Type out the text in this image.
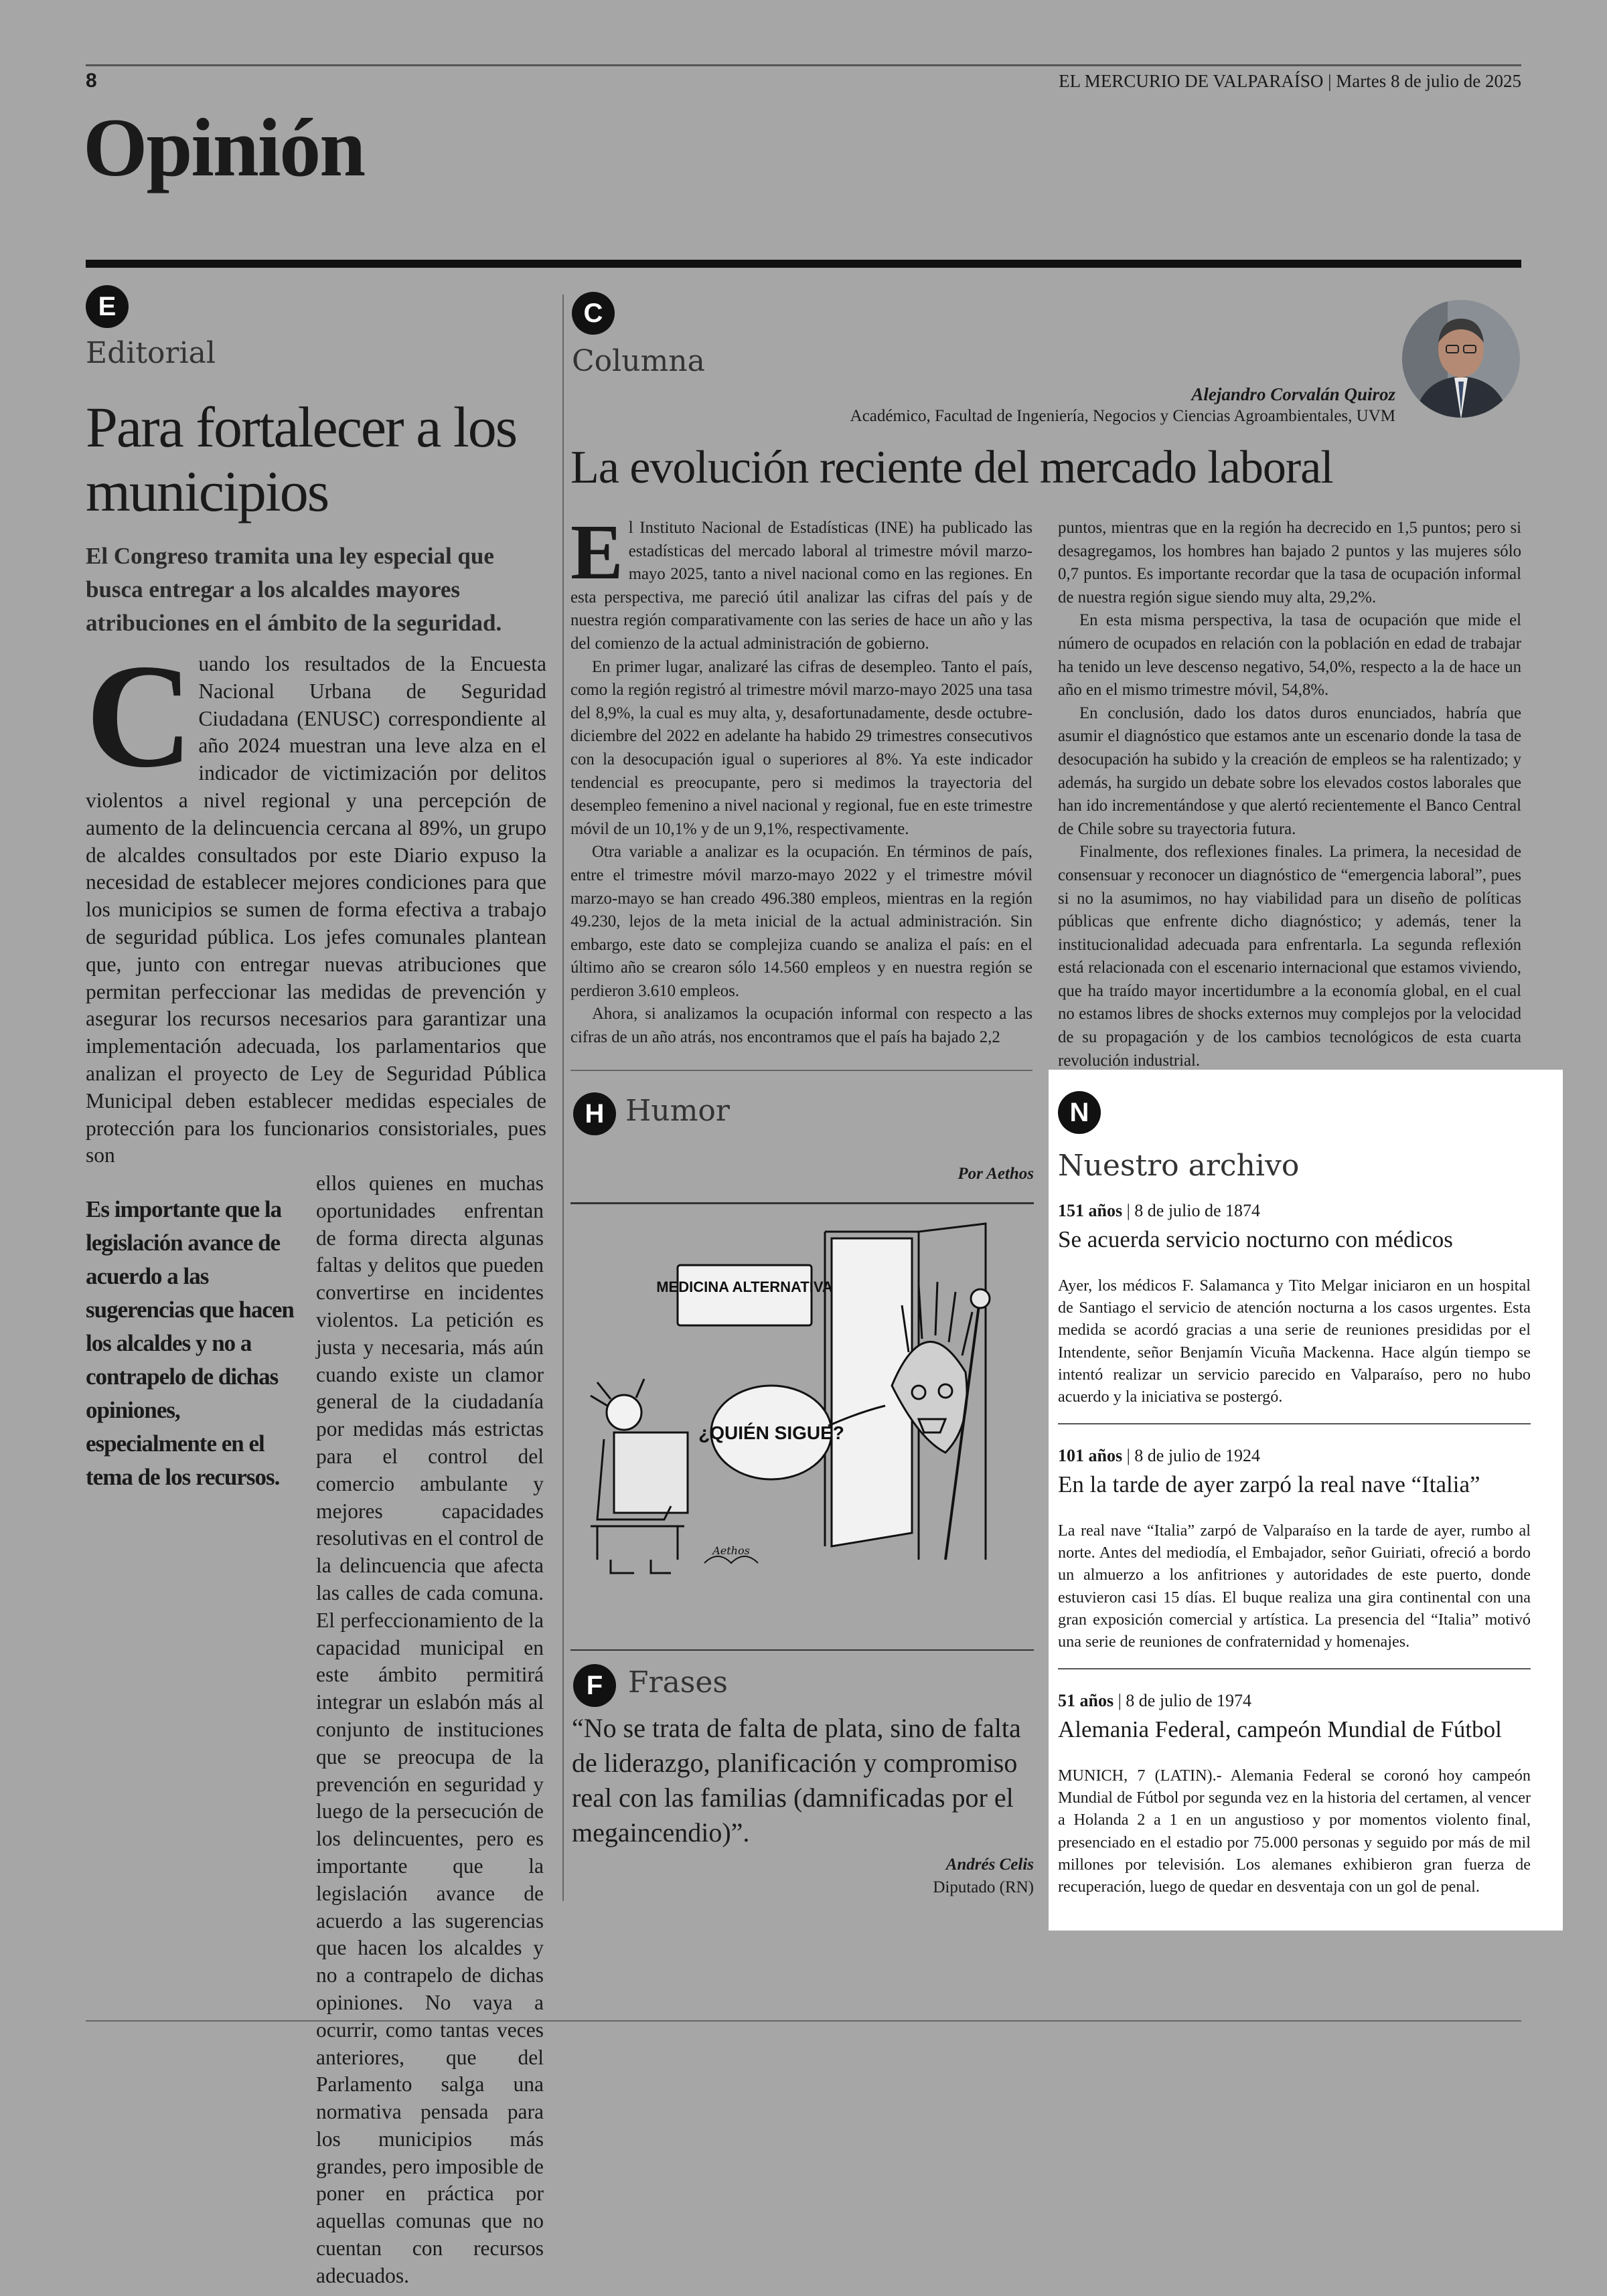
8	EL MERCURIO DE VALPARAÍSO | Martes 8 de julio de 2025
Opinión
E
Editorial
Para fortalecer a los municipios
El Congreso tramita una ley especial que busca entregar a los alcaldes mayores atribuciones en el ámbito de la seguridad.
Cuando los resultados de la Encuesta Nacional Urbana de Seguridad Ciudadana (ENUSC) correspondiente al año 2024 muestran una leve alza en el indicador de victimización por delitos violentos a nivel regional y una percepción de aumento de la delincuencia cercana al 89%, un grupo de alcaldes consultados por este Diario expuso la necesidad de establecer mejores condiciones para que los municipios se sumen de forma efectiva a trabajo de seguridad pública. Los jefes comunales plantean que, junto con entregar nuevas atribuciones que permitan perfeccionar las medidas de prevención y asegurar los recursos necesarios para garantizar una implementación adecuada, los parlamentarios que analizan el proyecto de Ley de Seguridad Pública Municipal deben establecer medidas especiales de protección para los funcionarios consistoriales, pues son
Es importante que la legislación avance de acuerdo a las sugerencias que hacen los alcaldes y no a contrapelo de dichas opiniones, especialmente en el tema de los recursos.
ellos quienes en muchas oportunidades enfrentan de forma directa algunas faltas y delitos que pueden convertirse en incidentes violentos. La petición es justa y necesaria, más aún cuando existe un clamor general de la ciudadanía por medidas más estrictas para el control del comercio ambulante y mejores capacidades resolutivas en el control de la delincuencia que afecta las calles de cada comuna. El perfeccionamiento de la capacidad municipal en este ámbito permitirá integrar un eslabón más al conjunto de instituciones que se preocupa de la prevención en seguridad y luego de la persecución de los delincuentes, pero es importante que la legislación avance de acuerdo a las sugerencias que hacen los alcaldes y no a contrapelo de dichas opiniones. No vaya a ocurrir, como tantas veces anteriores, que del Parlamento salga una normativa pensada para los municipios más grandes, pero imposible de poner en práctica por aquellas comunas que no cuentan con recursos adecuados.
C
Columna
Alejandro Corvalán Quiroz
Académico, Facultad de Ingeniería, Negocios y Ciencias Agroambientales, UVM
La evolución reciente del mercado laboral
E l Instituto Nacional de Estadísticas (INE) ha publicado las estadísticas del mercado laboral al trimestre móvil marzo-mayo 2025, tanto a nivel nacional como en las regiones. En esta perspectiva, me pareció útil analizar las cifras del país y de nuestra región comparativamente con las series de hace un año y las del comienzo de la actual administración de gobierno.

En primer lugar, analizaré las cifras de desempleo. Tanto el país, como la región registró al trimestre móvil marzo-mayo 2025 una tasa del 8,9%, la cual es muy alta, y, desafortunadamente, desde octubre-diciembre del 2022 en adelante ha habido 29 trimestres consecutivos con la desocupación igual o superiores al 8%. Ya este indicador tendencial es preocupante, pero si medimos la trayectoria del desempleo femenino a nivel nacional y regional, fue en este trimestre móvil de un 10,1% y de un 9,1%, respectivamente.

Otra variable a analizar es la ocupación. En términos de país, entre el trimestre móvil marzo-mayo 2022 y el trimestre móvil marzo-mayo se han creado 496.380 empleos, mientras en la región 49.230, lejos de la meta inicial de la actual administración. Sin embargo, este dato se complejiza cuando se analiza el país: en el último año se crearon sólo 14.560 empleos y en nuestra región se perdieron 3.610 empleos.

Ahora, si analizamos la ocupación informal con respecto a las cifras de un año atrás, nos encontramos que el país ha bajado 2,2

puntos, mientras que en la región ha decrecido en 1,5 puntos; pero si desagregamos, los hombres han bajado 2 puntos y las mujeres sólo 0,7 puntos. Es importante recordar que la tasa de ocupación informal de nuestra región sigue siendo muy alta, 29,2%.

En esta misma perspectiva, la tasa de ocupación que mide el número de ocupados en relación con la población en edad de trabajar ha tenido un leve descenso negativo, 54,0%, respecto a la de hace un año en el mismo trimestre móvil, 54,8%.

En conclusión, dado los datos duros enunciados, habría que asumir el diagnóstico que estamos ante un escenario donde la tasa de desocupación ha subido y la creación de empleos se ha ralentizado; y además, ha surgido un debate sobre los elevados costos laborales que han ido incrementándose y que alertó recientemente el Banco Central de Chile sobre su trayectoria futura.

Finalmente, dos reflexiones finales. La primera, la necesidad de consensuar y reconocer un diagnóstico de “emergencia laboral”, pues si no la asumimos, no hay viabilidad para un diseño de políticas públicas que enfrente dicho diagnóstico; y además, tener la institucionalidad adecuada para enfrentarla. La segunda reflexión está relacionada con el escenario internacional que estamos viviendo, que ha traído mayor incertidumbre a la economía global, en el cual no estamos libres de shocks externos muy complejos por la velocidad de su propagación y de los cambios tecnológicos de esta cuarta revolución industrial.

H Humor
Por Aethos
MEDICINA ALTERNATIVA
¿QUIÉN SIGUE?
Aethos
F Frases
“No se trata de falta de plata, sino de falta de liderazgo, planificación y compromiso real con las familias (damnificadas por el megaincendio)”.
Andrés Celis
Diputado (RN)
N
Nuestro archivo
151 años | 8 de julio de 1874
Se acuerda servicio nocturno con médicos

Ayer, los médicos F. Salamanca y Tito Melgar iniciaron en un hospital de Santiago el servicio de atención nocturna a los casos urgentes. Esta medida se acordó gracias a una serie de reuniones presididas por el Intendente, señor Benjamín Vicuña Mackenna. Hace algún tiempo se intentó realizar un servicio parecido en Valparaíso, pero no hubo acuerdo y la iniciativa se postergó.

101 años | 8 de julio de 1924
En la tarde de ayer zarpó la real nave “Italia”

La real nave “Italia” zarpó de Valparaíso en la tarde de ayer, rumbo al norte. Antes del mediodía, el Embajador, señor Guiriati, ofreció a bordo un almuerzo a los anfitriones y autoridades de este puerto, donde estuvieron casi 15 días. El buque realiza una gira continental con una gran exposición comercial y artística. La presencia del “Italia” motivó una serie de reuniones de confraternidad y homenajes.

51 años | 8 de julio de 1974
Alemania Federal, campeón Mundial de Fútbol

MUNICH, 7 (LATIN).- Alemania Federal se coronó hoy campeón Mundial de Fútbol por segunda vez en la historia del certamen, al vencer a Holanda 2 a 1 en un angustioso y por momentos violento final, presenciado en el estadio por 75.000 personas y seguido por más de mil millones por televisión. Los alemanes exhibieron gran fuerza de recuperación, luego de quedar en desventaja con un gol de penal.
